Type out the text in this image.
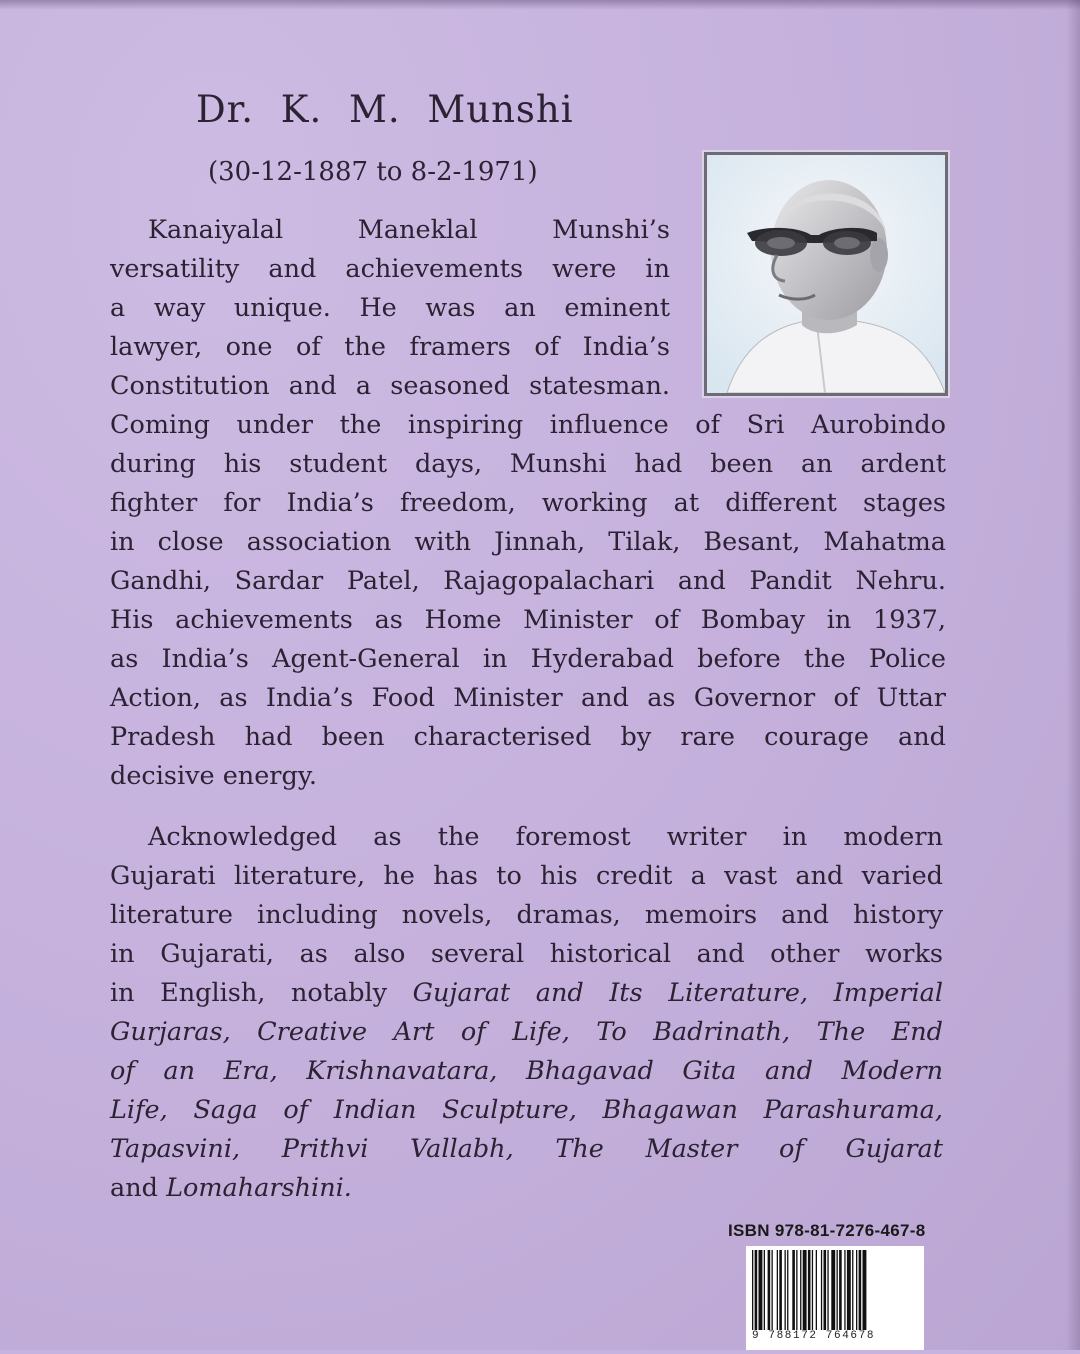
Dr. K. M. Munshi
(30-12-1887 to 8-2-1971)
Kanaiyalal Maneklal Munshi’s
versatility and achievements were in
a way unique. He was an eminent
lawyer, one of the framers of India’s
Constitution and a seasoned statesman.
Coming under the inspiring influence of Sri Aurobindo
during his student days, Munshi had been an ardent
fighter for India’s freedom, working at different stages
in close association with Jinnah, Tilak, Besant, Mahatma
Gandhi, Sardar Patel, Rajagopalachari and Pandit Nehru.
His achievements as Home Minister of Bombay in 1937,
as India’s Agent-General in Hyderabad before the Police
Action, as India’s Food Minister and as Governor of Uttar
Pradesh had been characterised by rare courage and
decisive energy.
Acknowledged as the foremost writer in modern
Gujarati literature, he has to his credit a vast and varied
literature including novels, dramas, memoirs and history
in Gujarati, as also several historical and other works
in English, notably Gujarat and Its Literature, Imperial
Gurjaras, Creative Art of Life, To Badrinath, The End
of an Era, Krishnavatara, Bhagavad Gita and Modern
Life, Saga of Indian Sculpture, Bhagawan Parashurama,
Tapasvini, Prithvi Vallabh, The Master of Gujarat
and Lomaharshini.
ISBN 978-81-7276-467-8
9 788172 764678
